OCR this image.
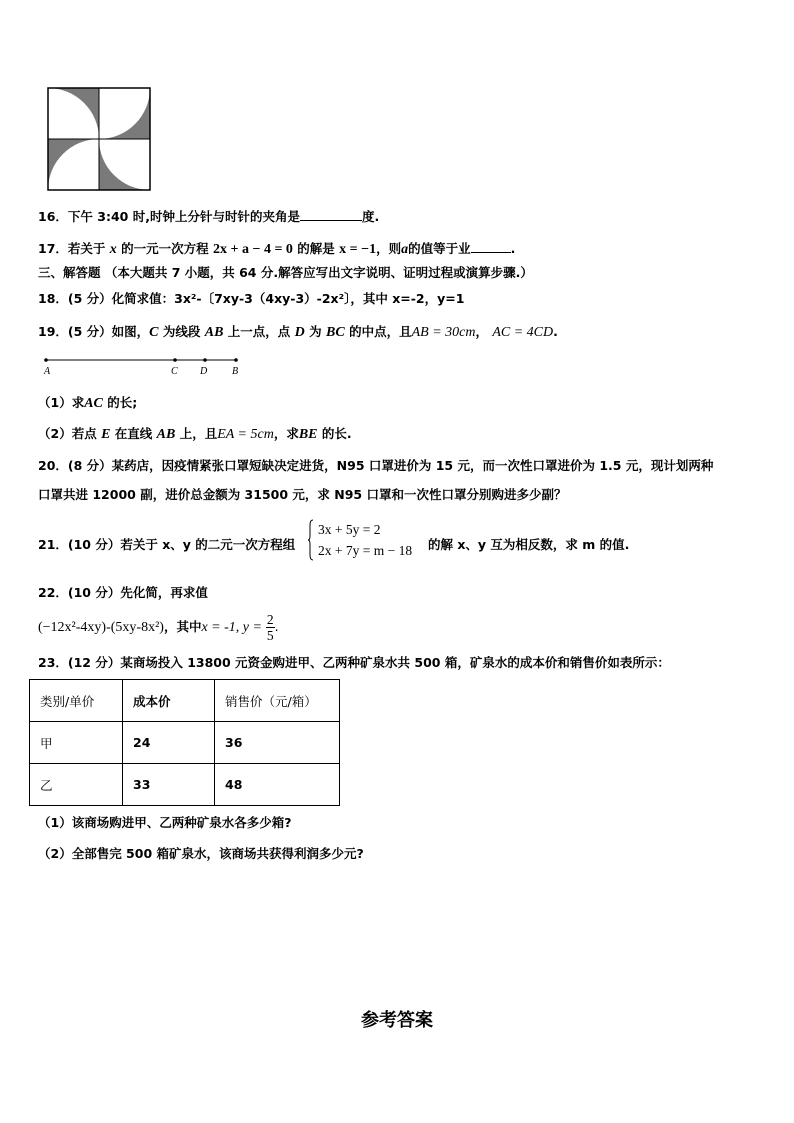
16．下午 3:40 时,时钟上分针与时针的夹角是	度.
17．若关于 x 的一元一次方程 2x + a − 4 = 0 的解是 x = −1，则a的值等于业	.
三、解答题 （本大题共 7 小题，共 64 分.解答应写出文字说明、证明过程或演算步骤.）
18．(5 分）化简求值：3x²-〔7xy-3（4xy-3）-2x²〕，其中 x=-2，y=1
19．(5 分）如图，C 为线段 AB 上一点，点 D 为 BC 的中点，且AB = 30cm， AC = 4CD.
A	C D B
（1）求AC 的长;
（2）若点 E 在直线 AB 上，且EA = 5cm，求BE 的长.
20．(8 分）某药店，因疫情紧张口罩短缺决定进货，N95 口罩进价为 15 元，而一次性口罩进价为 1.5 元，现计划两种
口罩共进 12000 副，进价总金额为 31500 元，求 N95 口罩和一次性口罩分别购进多少副？
21．(10 分）若关于 x、y 的二元一次方程组
3x + 5y = 2
2x + 7y = m − 18 的解 x、y 互为相反数，求 m 的值.
22．(10 分）先化简，再求值
(−12x²-4xy)-(5xy-8x²)，其中x = -1, $y = \frac{2}{5}$ .
23．(12 分）某商场投入 13800 元资金购进甲、乙两种矿泉水共 500 箱，矿泉水的成本价和销售价如表所示：
类别/单价	成本价	销售价（元/箱）
甲	24	36
乙	33	48
（1）该商场购进甲、乙两种矿泉水各多少箱?
（2）全部售完 500 箱矿泉水，该商场共获得利润多少元?
参考答案
